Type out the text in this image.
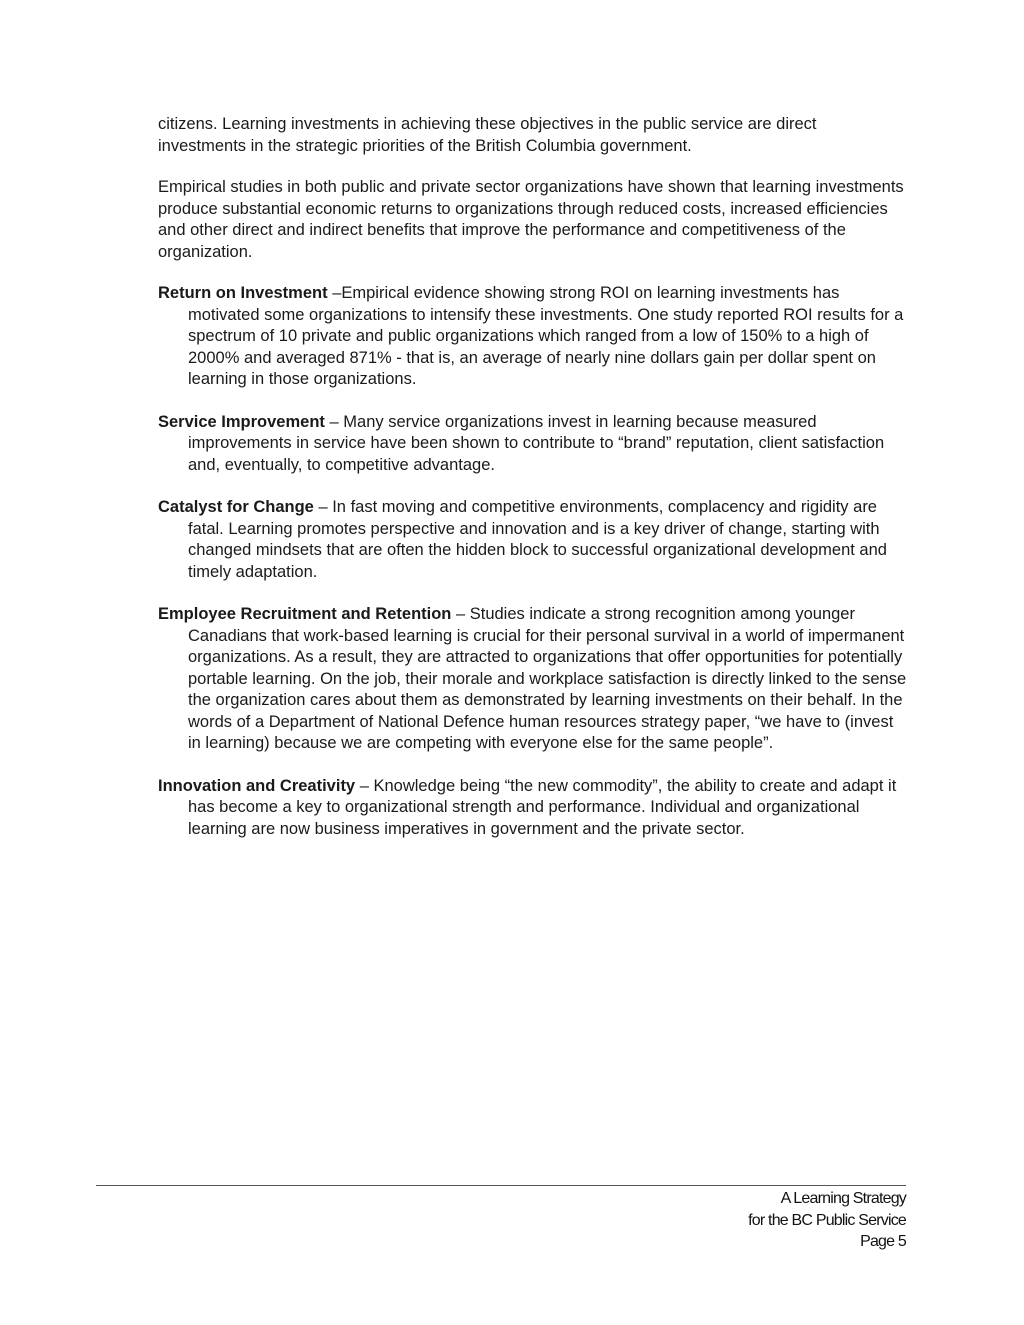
citizens. Learning investments in achieving these objectives in the public service are direct investments in the strategic priorities of the British Columbia government.

Empirical studies in both public and private sector organizations have shown that learning investments produce substantial economic returns to organizations through reduced costs, increased efficiencies and other direct and indirect benefits that improve the performance and competitiveness of the organization.

Return on Investment –Empirical evidence showing strong ROI on learning investments has motivated some organizations to intensify these investments. One study reported ROI results for a spectrum of 10 private and public organizations which ranged from a low of 150% to a high of 2000% and averaged 871% - that is, an average of nearly nine dollars gain per dollar spent on learning in those organizations.

Service Improvement – Many service organizations invest in learning because measured improvements in service have been shown to contribute to “brand” reputation, client satisfaction and, eventually, to competitive advantage.

Catalyst for Change – In fast moving and competitive environments, complacency and rigidity are fatal. Learning promotes perspective and innovation and is a key driver of change, starting with changed mindsets that are often the hidden block to successful organizational development and timely adaptation.

Employee Recruitment and Retention – Studies indicate a strong recognition among younger Canadians that work-based learning is crucial for their personal survival in a world of impermanent organizations. As a result, they are attracted to organizations that offer opportunities for potentially portable learning. On the job, their morale and workplace satisfaction is directly linked to the sense the organization cares about them as demonstrated by learning investments on their behalf. In the words of a Department of National Defence human resources strategy paper, “we have to (invest in learning) because we are competing with everyone else for the same people”.

Innovation and Creativity – Knowledge being “the new commodity”, the ability to create and adapt it has become a key to organizational strength and performance. Individual and organizational learning are now business imperatives in government and the private sector.

A Learning Strategy
for the BC Public Service
Page 5
